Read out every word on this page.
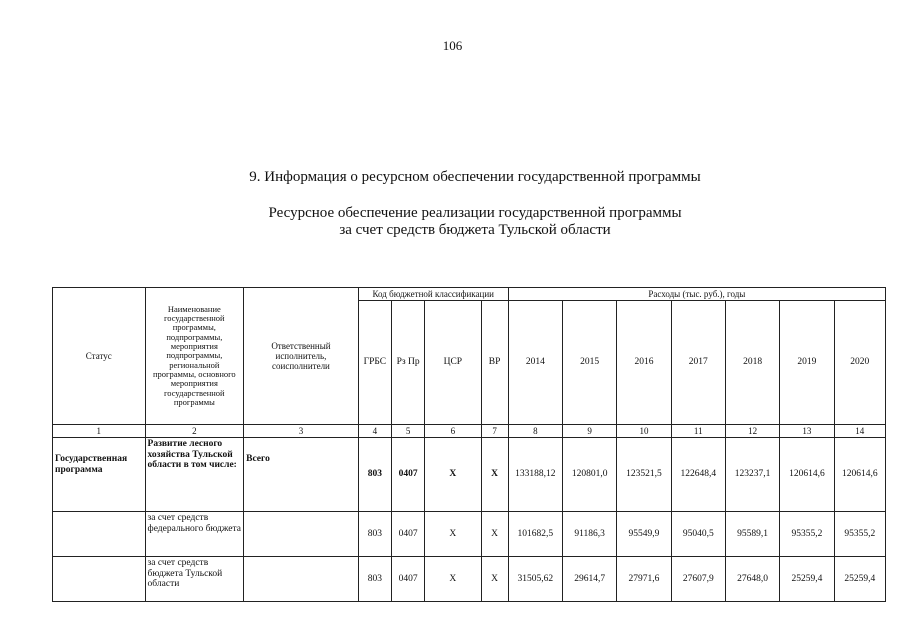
106
9. Информация о ресурсном обеспечении государственной программы
Ресурсное обеспечение реализации государственной программы
за счет средств бюджета Тульской области
Статус	Наименование государственной программы, подпрограммы, мероприятия подпрограммы, региональной программы, основного мероприятия государственной программы	Ответственный исполнитель, соисполнители	Код бюджетной классификации				Расходы (тыс. руб.), годы						
			ГРБС	Рз Пр	ЦСР	ВР	2014	2015	2016	2017	2018	2019	2020
1	2	3	4	5	6	7	8	9	10	11	12	13	14
Государственная программа	Развитие лесного хозяйства Тульской области в том числе:	Всего	803	0407	Х	Х	133188,12	120801,0	123521,5	122648,4	123237,1	120614,6	120614,6
	за счет средств федерального бюджета		803	0407	Х	Х	101682,5	91186,3	95549,9	95040,5	95589,1	95355,2	95355,2
	за счет средств бюджета Тульской области		803	0407	Х	Х	31505,62	29614,7	27971,6	27607,9	27648,0	25259,4	25259,4
